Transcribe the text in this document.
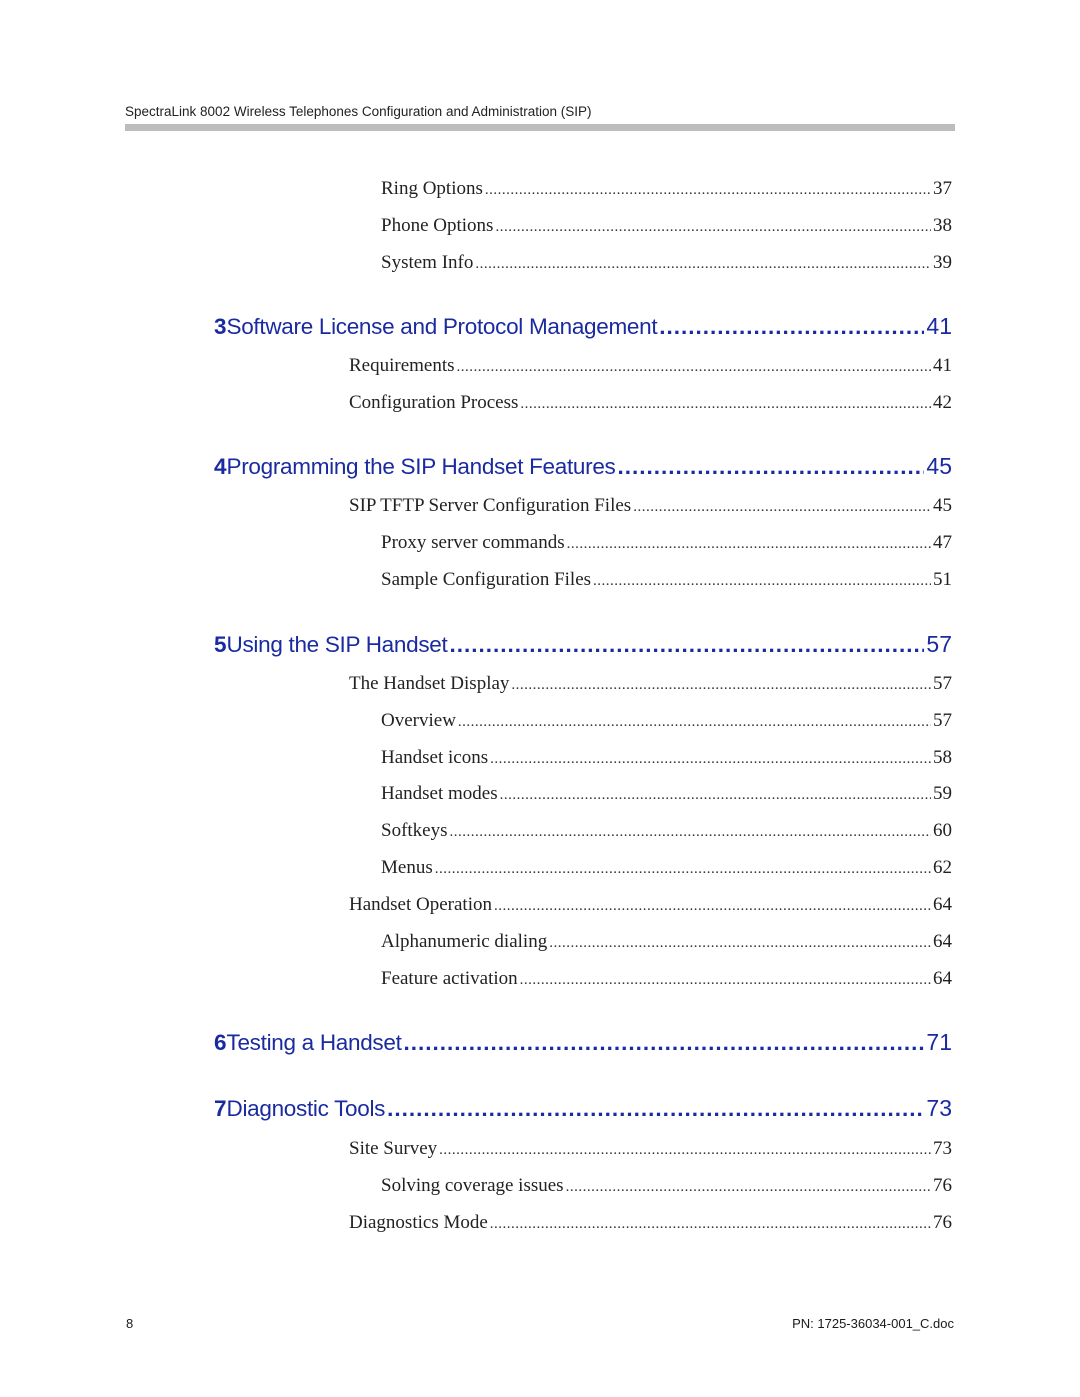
SpectraLink 8002 Wireless Telephones Configuration and Administration (SIP)
Ring Options .....	37
Phone Options .....	38
System Info .....	39
3 Software License and Protocol Management .....	41
Requirements .....	41
Configuration Process .....	42
4 Programming the SIP Handset Features .....	45
SIP TFTP Server Configuration Files .....	45
Proxy server commands .....	47
Sample Configuration Files .....	51
5 Using the SIP Handset .....	57
The Handset Display .....	57
Overview .....	57
Handset icons .....	58
Handset modes .....	59
Softkeys .....	60
Menus .....	62
Handset Operation .....	64
Alphanumeric dialing .....	64
Feature activation .....	64
6 Testing a Handset .....	71
7 Diagnostic Tools .....	73
Site Survey .....	73
Solving coverage issues .....	76
Diagnostics Mode .....	76
8	PN: 1725-36034-001_C.doc
